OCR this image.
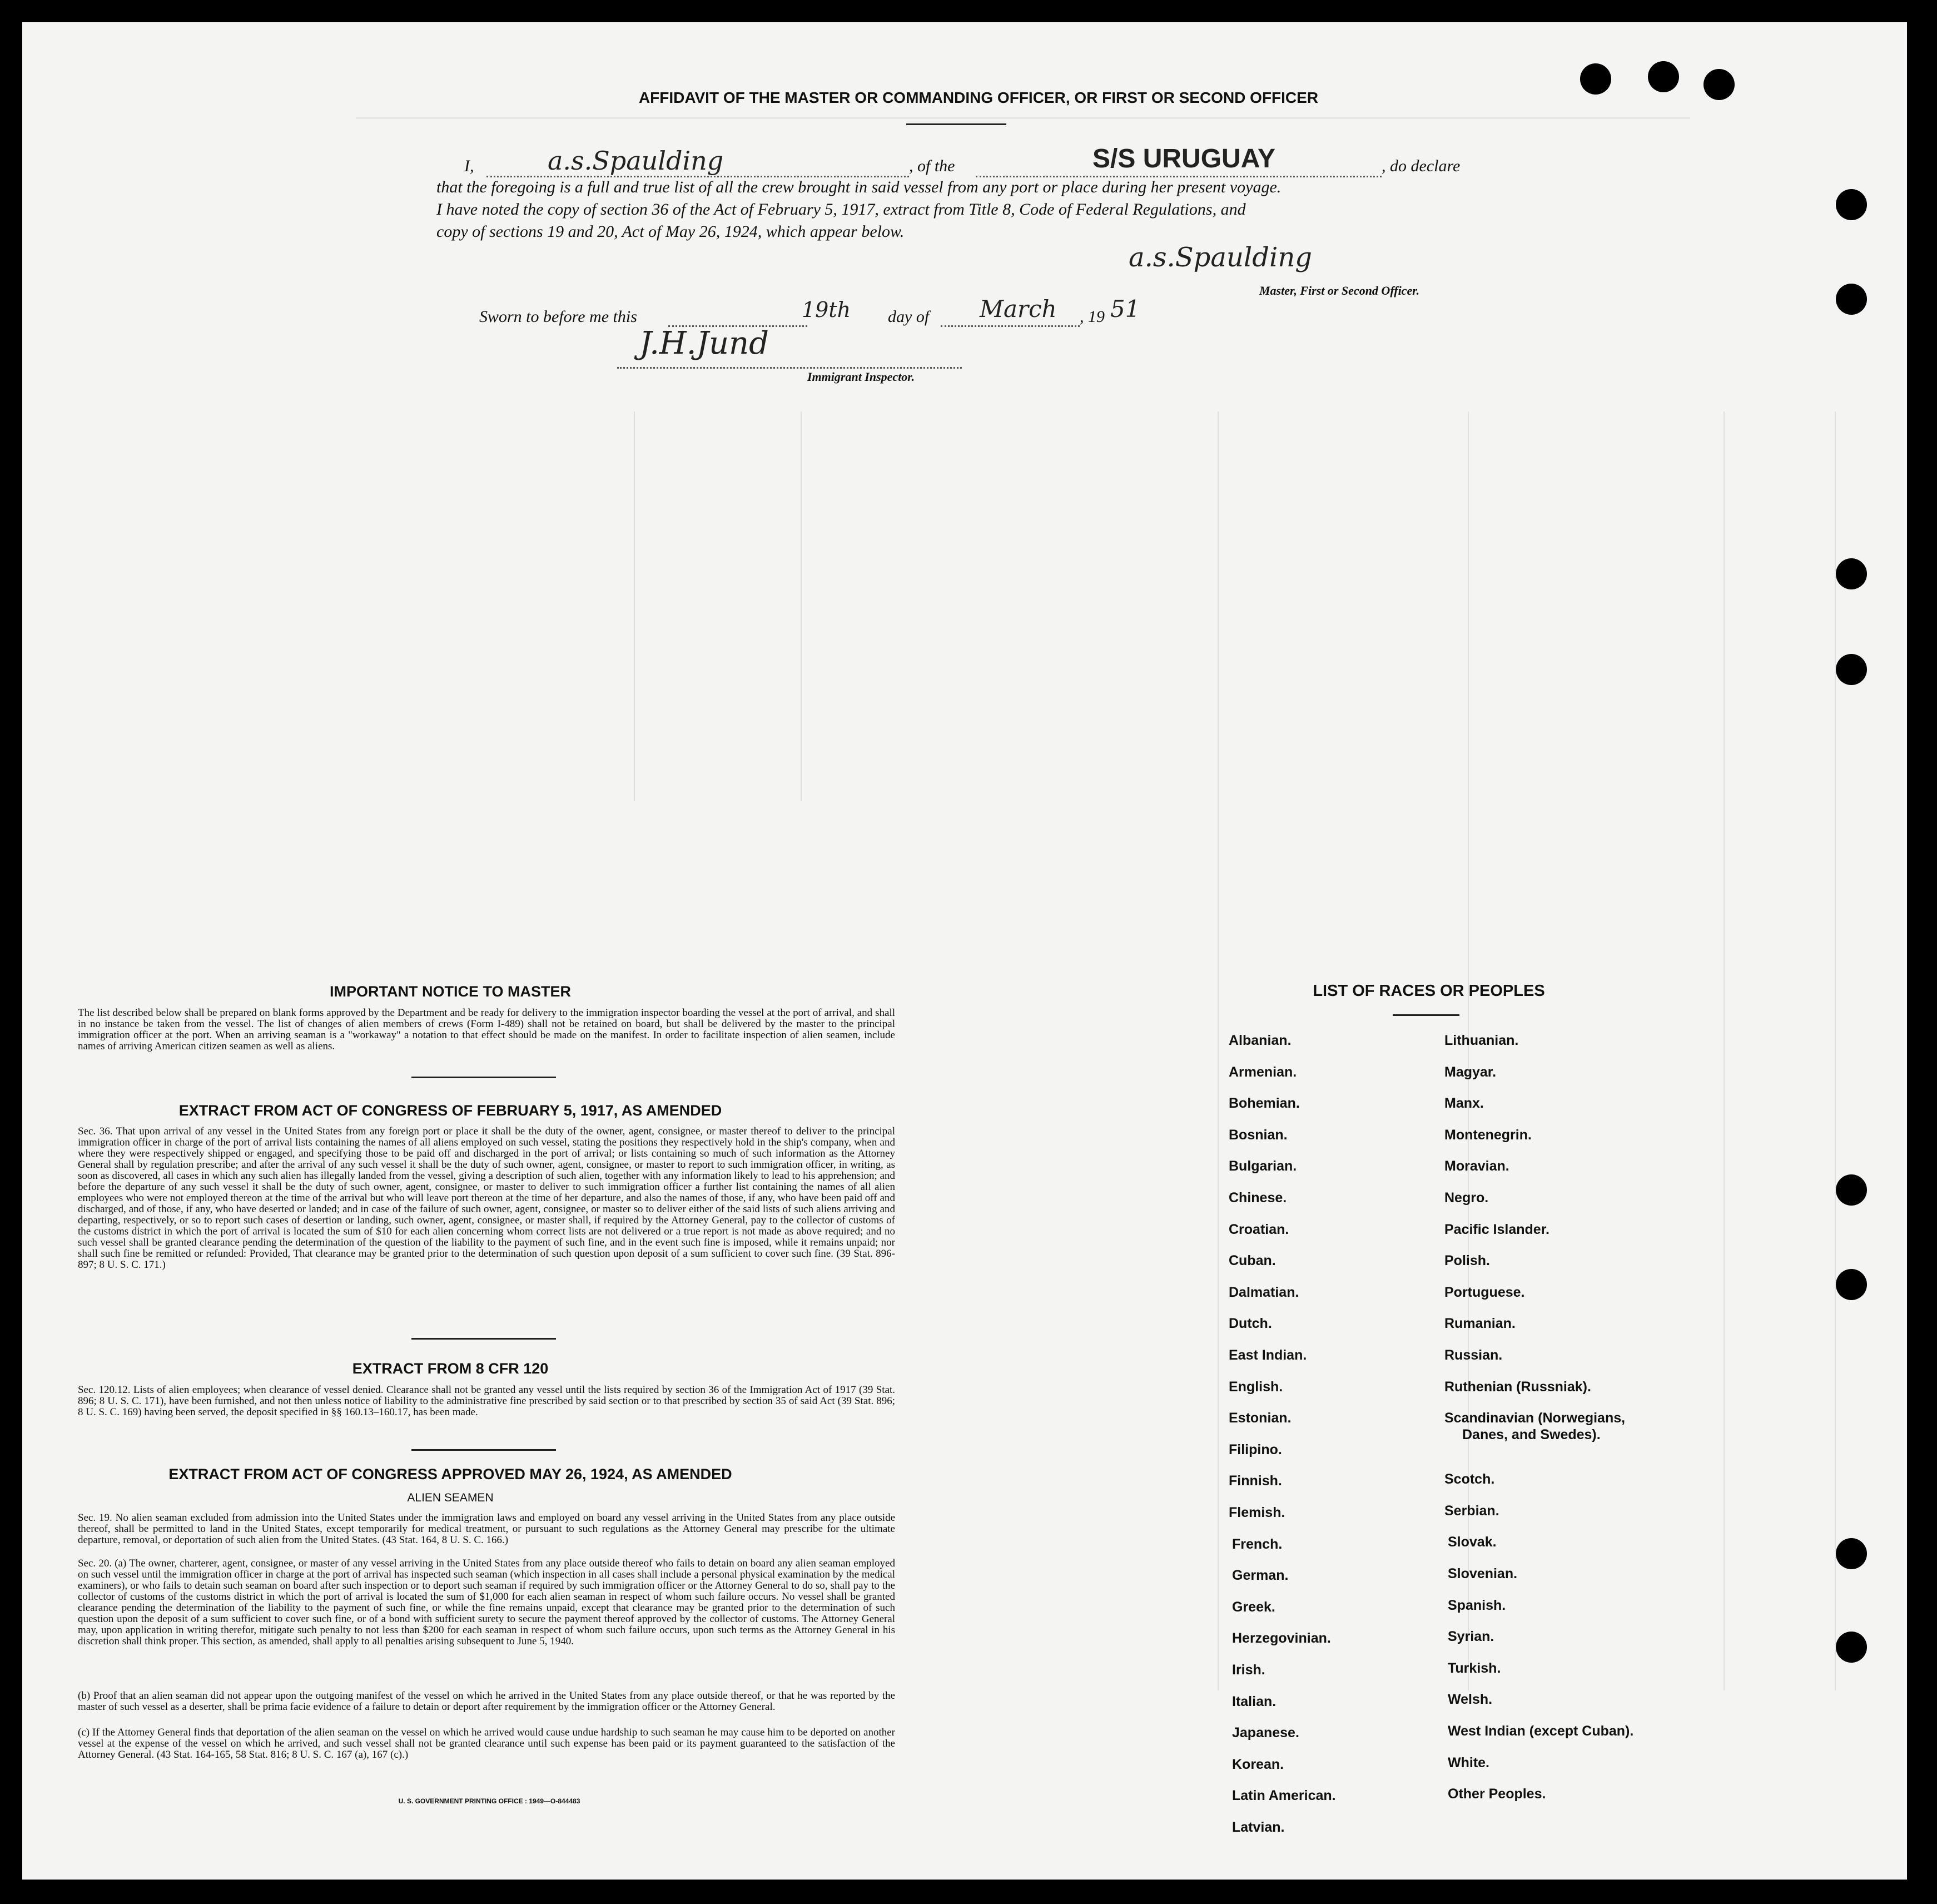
AFFIDAVIT OF THE MASTER OR COMMANDING OFFICER, OR FIRST OR SECOND OFFICER
I,	a.s.Spaulding	, of the	S/S URUGUAY	, do declare
that the foregoing is a full and true list of all the crew brought in said vessel from any port or place during her present voyage.
I have noted the copy of section 36 of the Act of February 5, 1917, extract from Title 8, Code of Federal Regulations, and
copy of sections 19 and 20, Act of May 26, 1924, which appear below.
a.s.Spaulding
Master, First or Second Officer.
Sworn to before me this	19th day of March , 19 51
J.H.Jund
Immigrant Inspector.
IMPORTANT NOTICE TO MASTER
The list described below shall be prepared on blank forms approved by the Department and be ready for delivery to the immigration inspector boarding the vessel at the port of arrival, and shall in no instance be taken from the vessel. The list of changes of alien members of crews (Form I-489) shall not be retained on board, but shall be delivered by the master to the principal immigration officer at the port. When an arriving seaman is a "workaway" a notation to that effect should be made on the manifest. In order to facilitate inspection of alien seamen, include names of arriving American citizen seamen as well as aliens.
EXTRACT FROM ACT OF CONGRESS OF FEBRUARY 5, 1917, AS AMENDED
Sec. 36. That upon arrival of any vessel in the United States from any foreign port or place it shall be the duty of the owner, agent, consignee, or master thereof to deliver to the principal immigration officer in charge of the port of arrival lists containing the names of all aliens employed on such vessel, stating the positions they respectively hold in the ship's company, when and where they were respectively shipped or engaged, and specifying those to be paid off and discharged in the port of arrival; or lists containing so much of such information as the Attorney General shall by regulation prescribe; and after the arrival of any such vessel it shall be the duty of such owner, agent, consignee, or master to report to such immigration officer, in writing, as soon as discovered, all cases in which any such alien has illegally landed from the vessel, giving a description of such alien, together with any information likely to lead to his apprehension; and before the departure of any such vessel it shall be the duty of such owner, agent, consignee, or master to deliver to such immigration officer a further list containing the names of all alien employees who were not employed thereon at the time of the arrival but who will leave port thereon at the time of her departure, and also the names of those, if any, who have been paid off and discharged, and of those, if any, who have deserted or landed; and in case of the failure of such owner, agent, consignee, or master so to deliver either of the said lists of such aliens arriving and departing, respectively, or so to report such cases of desertion or landing, such owner, agent, consignee, or master shall, if required by the Attorney General, pay to the collector of customs of the customs district in which the port of arrival is located the sum of $10 for each alien concerning whom correct lists are not delivered or a true report is not made as above required; and no such vessel shall be granted clearance pending the determination of the question of the liability to the payment of such fine, and in the event such fine is imposed, while it remains unpaid; nor shall such fine be remitted or refunded: Provided, That clearance may be granted prior to the determination of such question upon deposit of a sum sufficient to cover such fine. (39 Stat. 896-897; 8 U. S. C. 171.)
EXTRACT FROM 8 CFR 120
Sec. 120.12. Lists of alien employees; when clearance of vessel denied. Clearance shall not be granted any vessel until the lists required by section 36 of the Immigration Act of 1917 (39 Stat. 896; 8 U. S. C. 171), have been furnished, and not then unless notice of liability to the administrative fine prescribed by said section or to that prescribed by section 35 of said Act (39 Stat. 896; 8 U. S. C. 169) having been served, the deposit specified in §§ 160.13–160.17, has been made.
EXTRACT FROM ACT OF CONGRESS APPROVED MAY 26, 1924, AS AMENDED
ALIEN SEAMEN
Sec. 19. No alien seaman excluded from admission into the United States under the immigration laws and employed on board any vessel arriving in the United States from any place outside thereof, shall be permitted to land in the United States, except temporarily for medical treatment, or pursuant to such regulations as the Attorney General may prescribe for the ultimate departure, removal, or deportation of such alien from the United States. (43 Stat. 164, 8 U. S. C. 166.)
Sec. 20. (a) The owner, charterer, agent, consignee, or master of any vessel arriving in the United States from any place outside thereof who fails to detain on board any alien seaman employed on such vessel until the immigration officer in charge at the port of arrival has inspected such seaman (which inspection in all cases shall include a personal physical examination by the medical examiners), or who fails to detain such seaman on board after such inspection or to deport such seaman if required by such immigration officer or the Attorney General to do so, shall pay to the collector of customs of the customs district in which the port of arrival is located the sum of $1,000 for each alien seaman in respect of whom such failure occurs. No vessel shall be granted clearance pending the determination of the liability to the payment of such fine, or while the fine remains unpaid, except that clearance may be granted prior to the determination of such question upon the deposit of a sum sufficient to cover such fine, or of a bond with sufficient surety to secure the payment thereof approved by the collector of customs. The Attorney General may, upon application in writing therefor, mitigate such penalty to not less than $200 for each seaman in respect of whom such failure occurs, upon such terms as the Attorney General in his discretion shall think proper. This section, as amended, shall apply to all penalties arising subsequent to June 5, 1940.
(b) Proof that an alien seaman did not appear upon the outgoing manifest of the vessel on which he arrived in the United States from any place outside thereof, or that he was reported by the master of such vessel as a deserter, shall be prima facie evidence of a failure to detain or deport after requirement by the immigration officer or the Attorney General.
(c) If the Attorney General finds that deportation of the alien seaman on the vessel on which he arrived would cause undue hardship to such seaman he may cause him to be deported on another vessel at the expense of the vessel on which he arrived, and such vessel shall not be granted clearance until such expense has been paid or its payment guaranteed to the satisfaction of the Attorney General. (43 Stat. 164-165, 58 Stat. 816; 8 U. S. C. 167 (a), 167 (c).)
U. S. GOVERNMENT PRINTING OFFICE : 1949—O-844483
LIST OF RACES OR PEOPLES
Albanian.
Armenian.
Bohemian.
Bosnian.
Bulgarian.
Chinese.
Croatian.
Cuban.
Dalmatian.
Dutch.
East Indian.
English.
Estonian.
Filipino.
Finnish.
Flemish.
French.
German.
Greek.
Herzegovinian.
Irish.
Italian.
Japanese.
Korean.
Latin American.
Latvian.
Lithuanian.
Magyar.
Manx.
Montenegrin.
Moravian.
Negro.
Pacific Islander.
Polish.
Portuguese.
Rumanian.
Russian.
Ruthenian (Russniak).
Scandinavian (Norwegians,
Danes, and Swedes).
Scotch.
Serbian.
Slovak.
Slovenian.
Spanish.
Syrian.
Turkish.
Welsh.
West Indian (except Cuban).
White.
Other Peoples.
